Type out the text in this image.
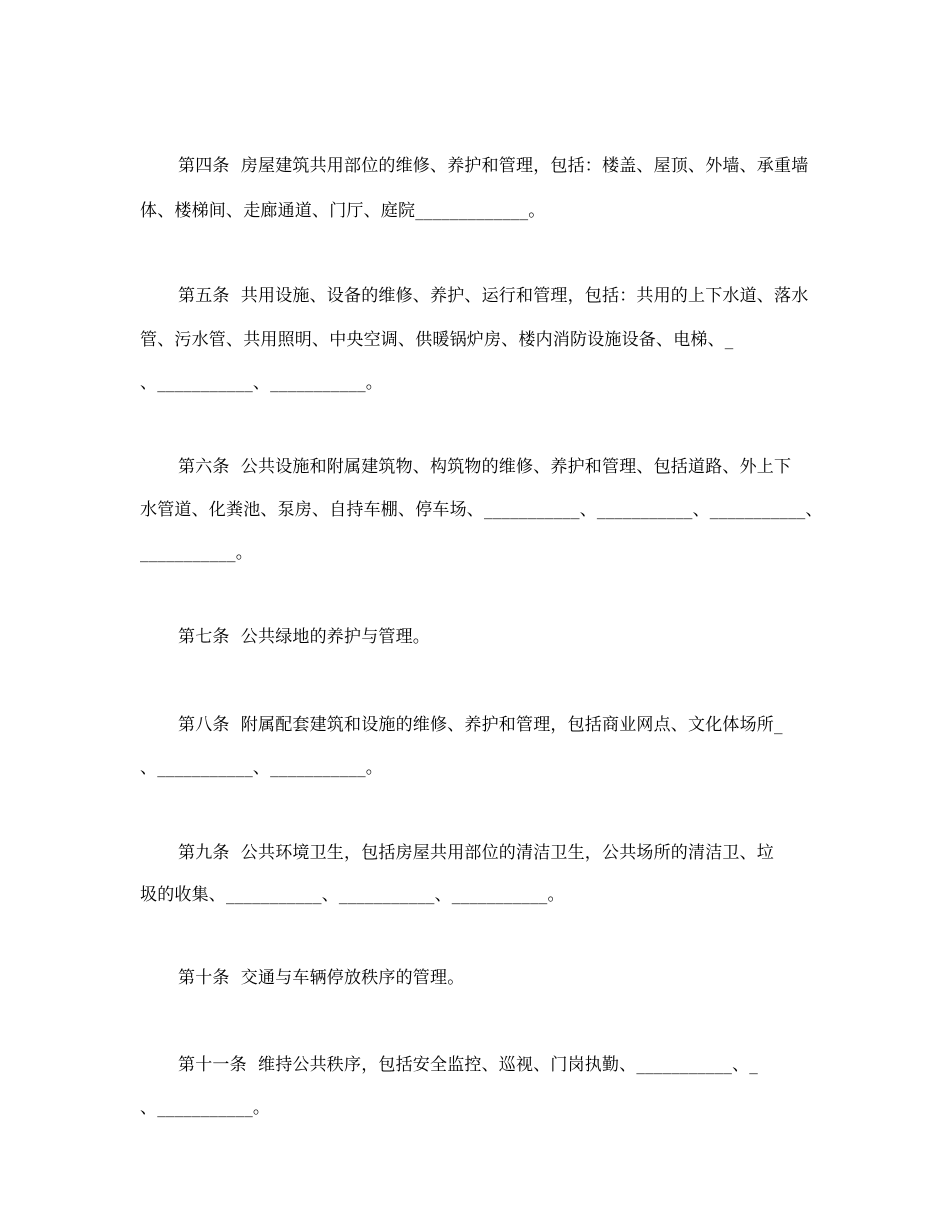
第四条  房屋建筑共用部位的维修、养护和管理，包括：楼盖、屋顶、外墙、承重墙
体、楼梯间、走廊通道、门厅、庭院_____________。
第五条  共用设施、设备的维修、养护、运行和管理，包括：共用的上下水道、落水
管、污水管、共用照明、中央空调、供暖锅炉房、楼内消防设施设备、电梯、_
、___________、___________。
第六条  公共设施和附属建筑物、构筑物的维修、养护和管理、包括道路、外上下
水管道、化粪池、泵房、自持车棚、停车场、___________、___________、___________、
___________。
第七条  公共绿地的养护与管理。
第八条  附属配套建筑和设施的维修、养护和管理，包括商业网点、文化体场所_
、___________、___________。
第九条  公共环境卫生，包括房屋共用部位的清洁卫生，公共场所的清洁卫、垃
圾的收集、___________、___________、___________。
第十条  交通与车辆停放秩序的管理。
第十一条  维持公共秩序，包括安全监控、巡视、门岗执勤、___________、_
、___________。
